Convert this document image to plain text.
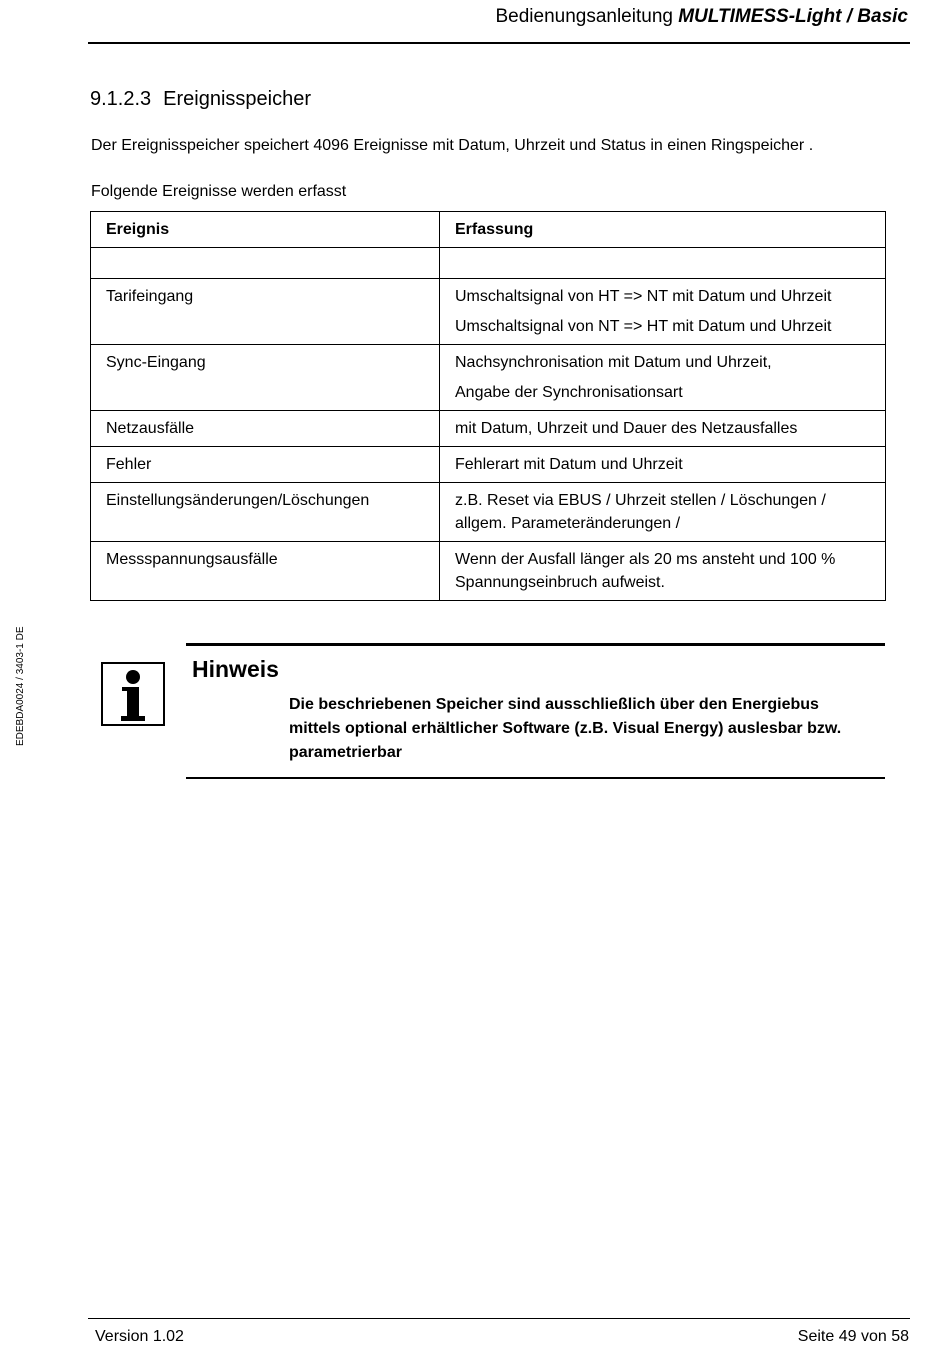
Bedienungsanleitung MULTIMESS-Light / Basic
9.1.2.3 Ereignisspeicher
Der Ereignisspeicher speichert 4096 Ereignisse mit Datum, Uhrzeit und Status in einen Ringspeicher .
Folgende Ereignisse werden erfasst
Ereignis	Erfassung

Tarifeingang	Umschaltsignal von HT => NT mit Datum und Uhrzeit
Umschaltsignal von NT => HT mit Datum und Uhrzeit

Sync-Eingang	Nachsynchronisation mit Datum und Uhrzeit,
Angabe der Synchronisationsart

Netzausfälle	mit Datum, Uhrzeit und Dauer des Netzausfalles

Fehler	Fehlerart mit Datum und Uhrzeit

Einstellungsänderungen/Löschungen	z.B. Reset via EBUS / Uhrzeit stellen / Löschungen /
allgem. Parameteränderungen /

Messspannungsausfälle	Wenn der Ausfall länger als 20 ms ansteht und 100 %
Spannungseinbruch aufweist.
EDEBDA0024 / 3403-1 DE	Hinweis
Die beschriebenen Speicher sind ausschließlich über den Energiebus
mittels optional erhältlicher Software (z.B. Visual Energy) auslesbar bzw.
parametrierbar
Version 1.02	Seite 49 von 58
